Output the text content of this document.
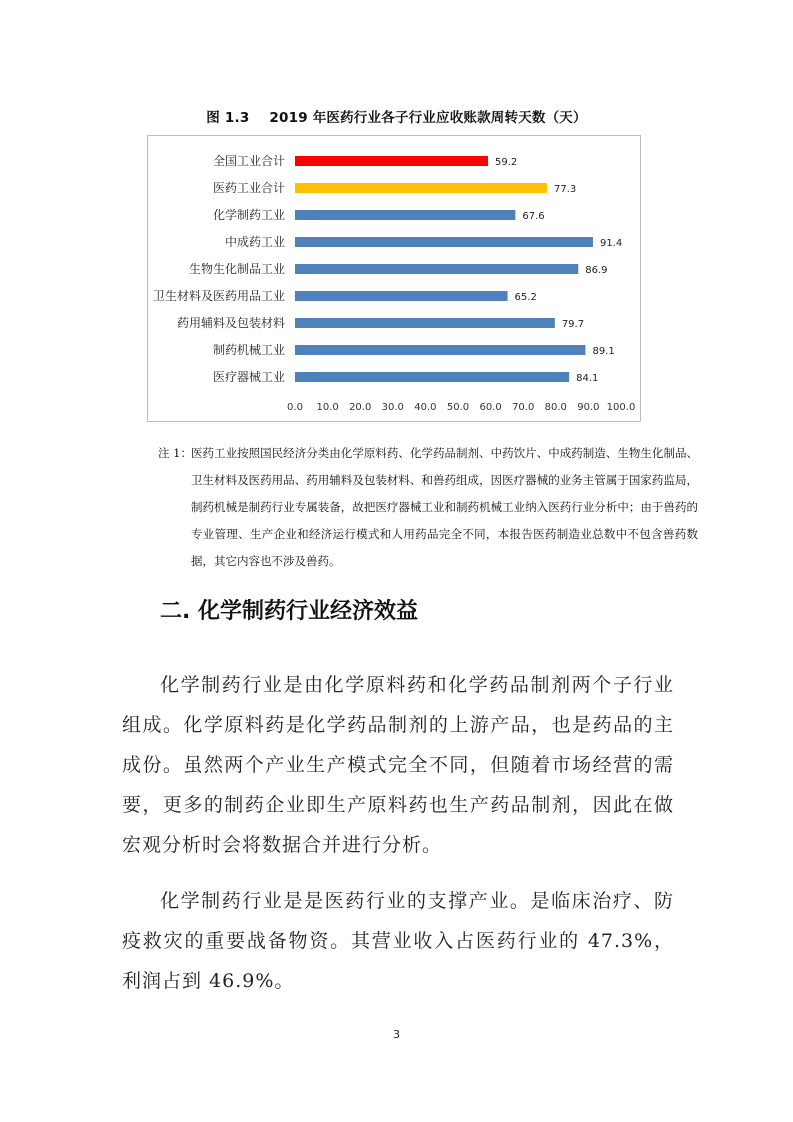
图 1.3 2019 年医药行业各子行业应收账款周转天数（天）
全国工业合计	59.2
医药工业合计	77.3
化学制药工业	67.6
中成药工业	91.4
生物生化制品工业	86.9
卫生材料及医药用品工业	65.2
药用辅料及包装材料	79.7
制药机械工业	89.1
医疗器械工业	84.1
0.0 10.0 20.0 30.0 40.0 50.0 60.0 70.0 80.0 90.0 100.0
注 1： 医药工业按照国民经济分类由化学原料药、化学药品制剂、中药饮片、中成药制造、生物生化制品、卫生材料及医药用品、药用辅料及包装材料、和兽药组成，因医疗器械的业务主管属于国家药监局，制药机械是制药行业专属装备，故把医疗器械工业和制药机械工业纳入医药行业分析中；由于兽药的专业管理、生产企业和经济运行模式和人用药品完全不同，本报告医药制造业总数中不包含兽药数据，其它内容也不涉及兽药。
二. 化学制药行业经济效益

化学制药行业是由化学原料药和化学药品制剂两个子行业组成。化学原料药是化学药品制剂的上游产品，也是药品的主成份。虽然两个产业生产模式完全不同，但随着市场经营的需要，更多的制药企业即生产原料药也生产药品制剂，因此在做宏观分析时会将数据合并进行分析。

化学制药行业是是医药行业的支撑产业。是临床治疗、防疫救灾的重要战备物资。其营业收入占医药行业的 47.3%，利润占到 46.9%。

3
